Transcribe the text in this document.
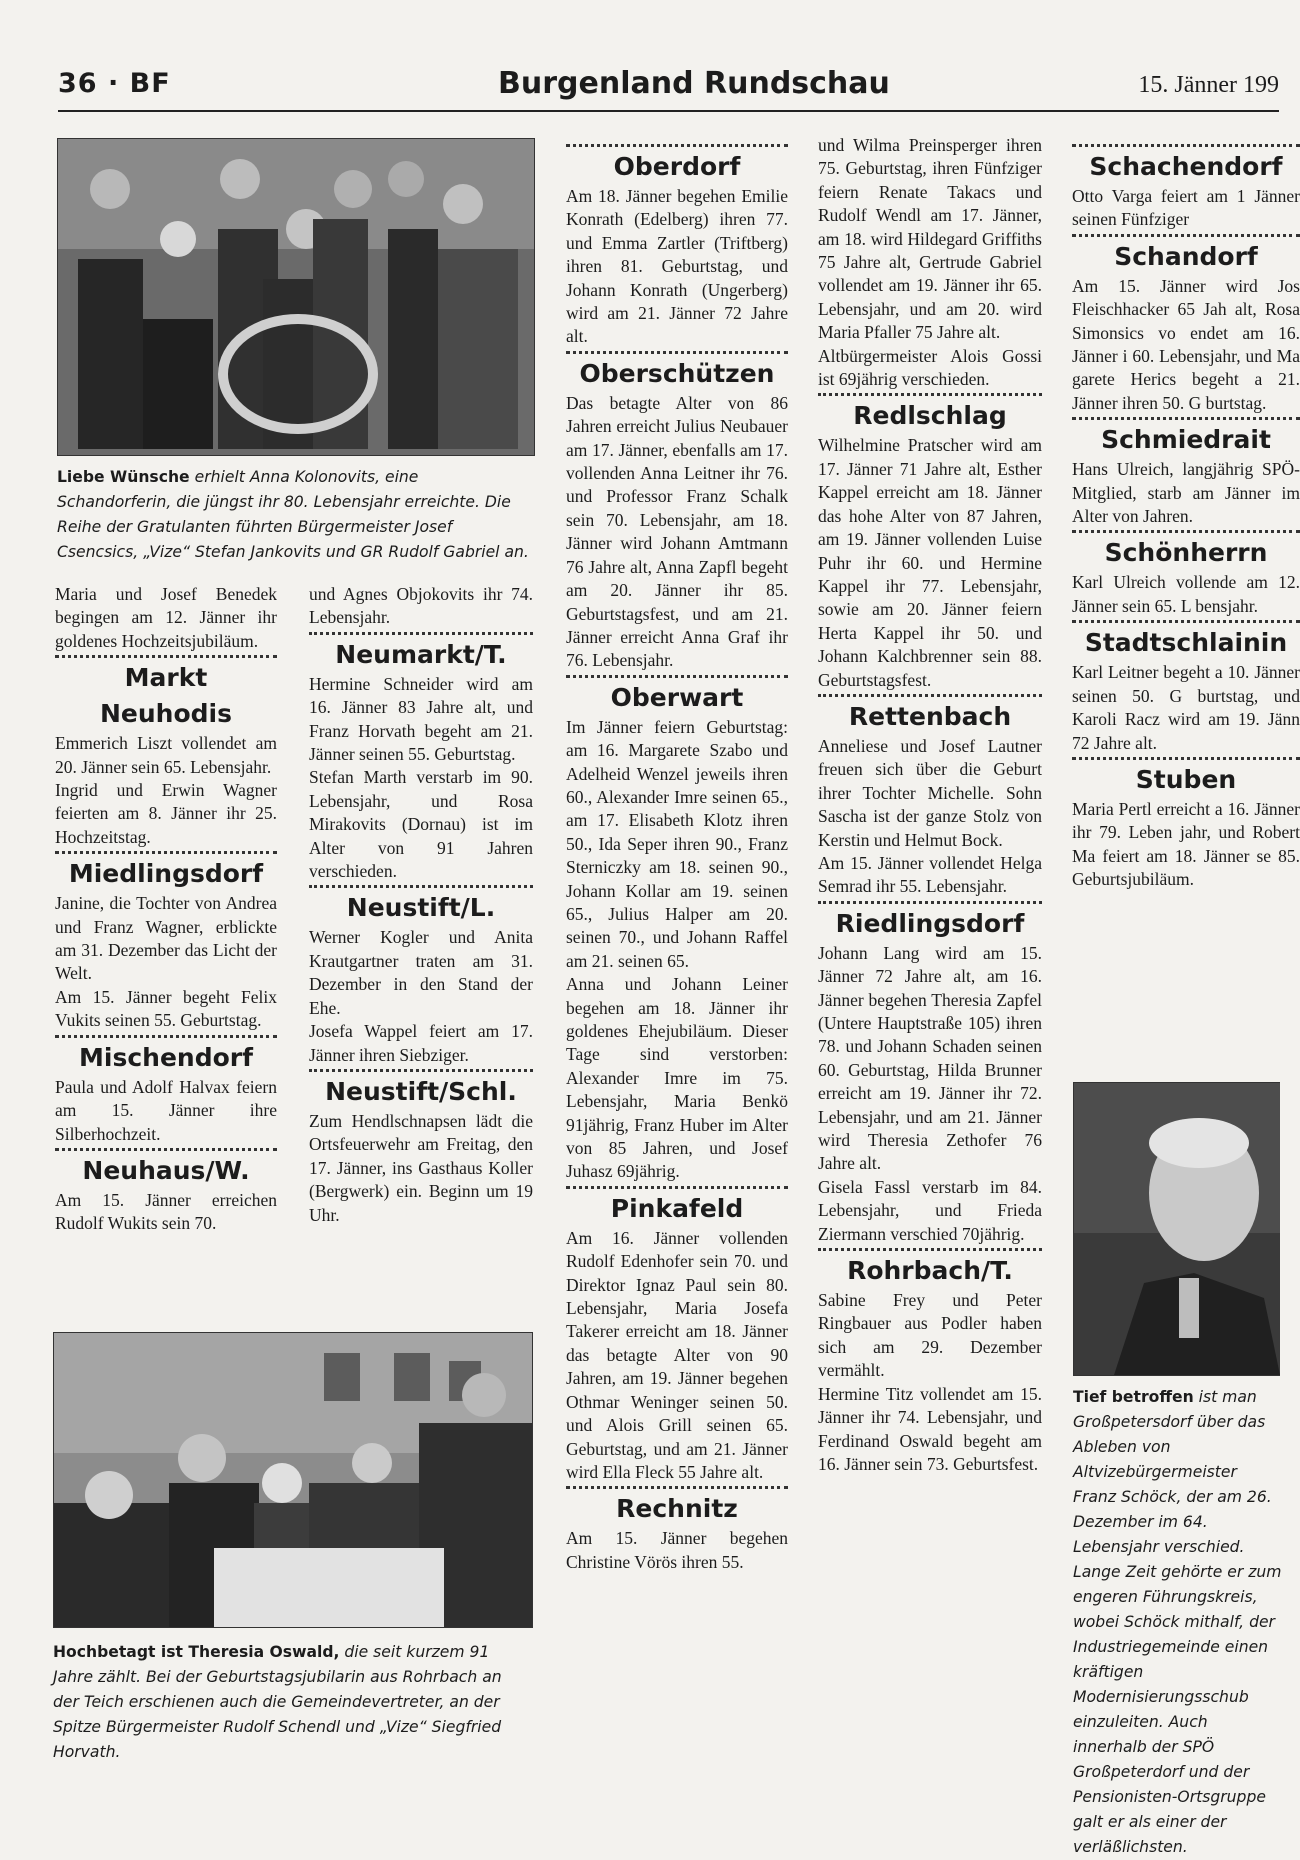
36 · BF	Burgenland Rundschau	15. Jänner 199
Liebe Wünsche erhielt Anna Kolonovits, eine Schandorferin, die jüngst ihr 80. Lebensjahr erreichte. Die Reihe der Gratulanten führten Bürgermeister Josef Csencsics, „Vize“ Stefan Jankovits und GR Rudolf Gabriel an.

Maria und Josef Benedek begingen am 12. Jänner ihr goldenes Hochzeitsjubiläum.

Markt Neuhodis

Emmerich Liszt vollendet am 20. Jänner sein 65. Lebensjahr.

Ingrid und Erwin Wagner feierten am 8. Jänner ihr 25. Hochzeitstag.

Miedlingsdorf

Janine, die Tochter von Andrea und Franz Wagner, erblickte am 31. Dezember das Licht der Welt.

Am 15. Jänner begeht Felix Vukits seinen 55. Geburtstag.

Mischendorf

Paula und Adolf Halvax feiern am 15. Jänner ihre Silberhochzeit.

Neuhaus/W.

Am 15. Jänner erreichen Rudolf Wukits sein 70.

und Agnes Objokovits ihr 74. Lebensjahr.

Neumarkt/T.

Hermine Schneider wird am 16. Jänner 83 Jahre alt, und Franz Horvath begeht am 21. Jänner seinen 55. Geburtstag.

Stefan Marth verstarb im 90. Lebensjahr, und Rosa Mirakovits (Dornau) ist im Alter von 91 Jahren verschieden.

Neustift/L.

Werner Kogler und Anita Krautgartner traten am 31. Dezember in den Stand der Ehe.

Josefa Wappel feiert am 17. Jänner ihren Siebziger.

Neustift/Schl.

Zum Hendlschnapsen lädt die Ortsfeuerwehr am Freitag, den 17. Jänner, ins Gasthaus Koller (Bergwerk) ein. Beginn um 19 Uhr.

Hochbetagt ist Theresia Oswald, die seit kurzem 91 Jahre zählt. Bei der Geburtstagsjubilarin aus Rohrbach an der Teich erschienen auch die Gemeindevertreter, an der Spitze Bürgermeister Rudolf Schendl und „Vize“ Siegfried Horvath.
Oberdorf

Am 18. Jänner begehen Emilie Konrath (Edelberg) ihren 77. und Emma Zartler (Triftberg) ihren 81. Geburtstag, und Johann Konrath (Ungerberg) wird am 21. Jänner 72 Jahre alt.

Oberschützen

Das betagte Alter von 86 Jahren erreicht Julius Neubauer am 17. Jänner, ebenfalls am 17. vollenden Anna Leitner ihr 76. und Professor Franz Schalk sein 70. Lebensjahr, am 18. Jänner wird Johann Amtmann 76 Jahre alt, Anna Zapfl begeht am 20. Jänner ihr 85. Geburtstagsfest, und am 21. Jänner erreicht Anna Graf ihr 76. Lebensjahr.

Oberwart

Im Jänner feiern Geburtstag: am 16. Margarete Szabo und Adelheid Wenzel jeweils ihren 60., Alexander Imre seinen 65., am 17. Elisabeth Klotz ihren 50., Ida Seper ihren 90., Franz Sterniczky am 18. seinen 90., Johann Kollar am 19. seinen 65., Julius Halper am 20. seinen 70., und Johann Raffel am 21. seinen 65.

Anna und Johann Leiner begehen am 18. Jänner ihr goldenes Ehejubiläum. Dieser Tage sind verstorben: Alexander Imre im 75. Lebensjahr, Maria Benkö 91jährig, Franz Huber im Alter von 85 Jahren, und Josef Juhasz 69jährig.

Pinkafeld

Am 16. Jänner vollenden Rudolf Edenhofer sein 70. und Direktor Ignaz Paul sein 80. Lebensjahr, Maria Josefa Takerer erreicht am 18. Jänner das betagte Alter von 90 Jahren, am 19. Jänner begehen Othmar Weninger seinen 50. und Alois Grill seinen 65. Geburtstag, und am 21. Jänner wird Ella Fleck 55 Jahre alt.

Rechnitz

Am 15. Jänner begehen Christine Vörös ihren 55.

und Wilma Preinsperger ihren 75. Geburtstag, ihren Fünfziger feiern Renate Takacs und Rudolf Wendl am 17. Jänner, am 18. wird Hildegard Griffiths 75 Jahre alt, Gertrude Gabriel vollendet am 19. Jänner ihr 65. Lebensjahr, und am 20. wird Maria Pfaller 75 Jahre alt.

Altbürgermeister Alois Gossi ist 69jährig verschieden.

Redlschlag

Wilhelmine Pratscher wird am 17. Jänner 71 Jahre alt, Esther Kappel erreicht am 18. Jänner das hohe Alter von 87 Jahren, am 19. Jänner vollenden Luise Puhr ihr 60. und Hermine Kappel ihr 77. Lebensjahr, sowie am 20. Jänner feiern Herta Kappel ihr 50. und Johann Kalchbrenner sein 88. Geburtstagsfest.

Rettenbach

Anneliese und Josef Lautner freuen sich über die Geburt ihrer Tochter Michelle. Sohn Sascha ist der ganze Stolz von Kerstin und Helmut Bock.

Am 15. Jänner vollendet Helga Semrad ihr 55. Lebensjahr.

Riedlingsdorf

Johann Lang wird am 15. Jänner 72 Jahre alt, am 16. Jänner begehen Theresia Zapfel (Untere Hauptstraße 105) ihren 78. und Johann Schaden seinen 60. Geburtstag, Hilda Brunner erreicht am 19. Jänner ihr 72. Lebensjahr, und am 21. Jänner wird Theresia Zethofer 76 Jahre alt.

Gisela Fassl verstarb im 84. Lebensjahr, und Frieda Ziermann verschied 70jährig.

Rohrbach/T.

Sabine Frey und Peter Ringbauer aus Podler haben sich am 29. Dezember vermählt.

Hermine Titz vollendet am 15. Jänner ihr 74. Lebensjahr, und Ferdinand Oswald begeht am 16. Jänner sein 73. Geburtsfest.

Schachendorf

Otto Varga feiert am 1 Jänner seinen Fünfziger

Schandorf

Am 15. Jänner wird Jos Fleischhacker 65 Jah alt, Rosa Simonsics vo endet am 16. Jänner i 60. Lebensjahr, und Ma garete Herics begeht a 21. Jänner ihren 50. G burtstag.

Schmiedrait

Hans Ulreich, langjährig SPÖ-Mitglied, starb am Jänner im Alter von Jahren.

Schönherrn

Karl Ulreich vollende am 12. Jänner sein 65. L bensjahr.

Stadtschlainin

Karl Leitner begeht a 10. Jänner seinen 50. G burtstag, und Karoli Racz wird am 19. Jänn 72 Jahre alt.

Stuben

Maria Pertl erreicht a 16. Jänner ihr 79. Leben jahr, und Robert Ma feiert am 18. Jänner se 85. Geburtsjubiläum.

Tief betroffen ist man Großpetersdorf über das Ableben von Altvizebürgermeister Franz Schöck, der am 26. Dezember im 64. Lebensjahr verschied. Lange Zeit gehörte er zum engeren Führungskreis, wobei Schöck mithalf, der Industriegemeinde einen kräftigen Modernisierungsschub einzuleiten. Auch innerhalb der SPÖ Großpeterdorf und der Pensionisten-Ortsgruppe galt er als einer der verläßlichsten.
